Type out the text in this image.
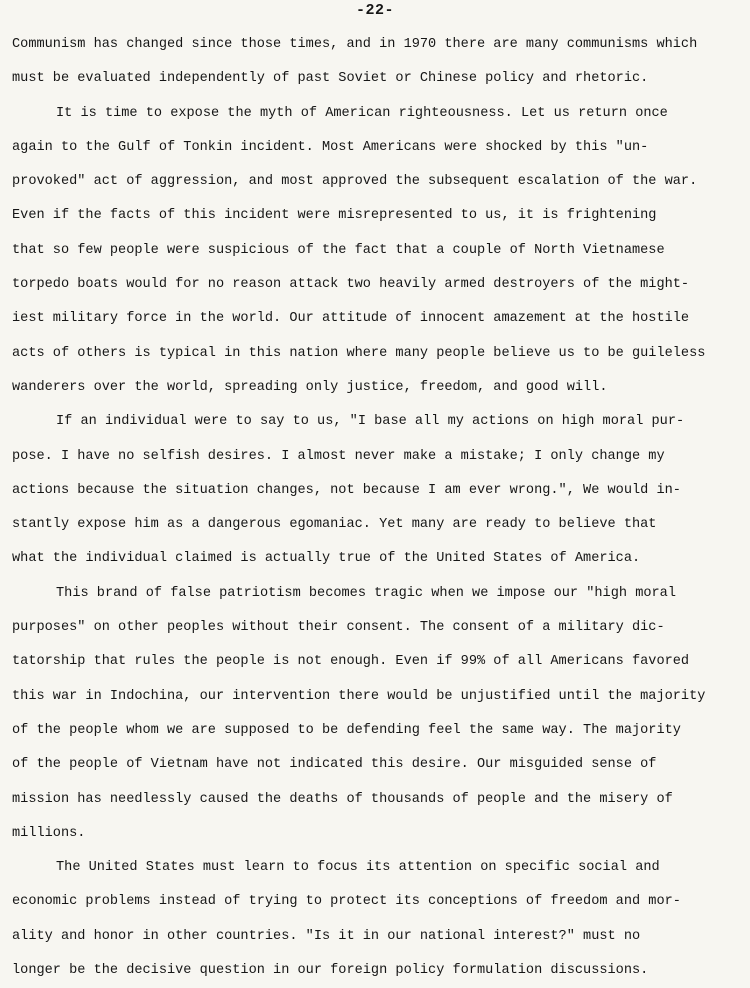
-22-
Communism has changed since those times, and in 1970 there are many communisms which
must be evaluated independently of past Soviet or Chinese policy and rhetoric.
It is time to expose the myth of American righteousness. Let us return once
again to the Gulf of Tonkin incident. Most Americans were shocked by this "un-
provoked" act of aggression, and most approved the subsequent escalation of the war.
Even if the facts of this incident were misrepresented to us, it is frightening
that so few people were suspicious of the fact that a couple of North Vietnamese
torpedo boats would for no reason attack two heavily armed destroyers of the might-
iest military force in the world. Our attitude of innocent amazement at the hostile
acts of others is typical in this nation where many people believe us to be guileless
wanderers over the world, spreading only justice, freedom, and good will.
If an individual were to say to us, "I base all my actions on high moral pur-
pose. I have no selfish desires. I almost never make a mistake; I only change my
actions because the situation changes, not because I am ever wrong.", We would in-
stantly expose him as a dangerous egomaniac. Yet many are ready to believe that
what the individual claimed is actually true of the United States of America.
This brand of false patriotism becomes tragic when we impose our "high moral
purposes" on other peoples without their consent. The consent of a military dic-
tatorship that rules the people is not enough. Even if 99% of all Americans favored
this war in Indochina, our intervention there would be unjustified until the majority
of the people whom we are supposed to be defending feel the same way. The majority
of the people of Vietnam have not indicated this desire. Our misguided sense of
mission has needlessly caused the deaths of thousands of people and the misery of
millions.
The United States must learn to focus its attention on specific social and
economic problems instead of trying to protect its conceptions of freedom and mor-
ality and honor in other countries. "Is it in our national interest?" must no
longer be the decisive question in our foreign policy formulation discussions.
